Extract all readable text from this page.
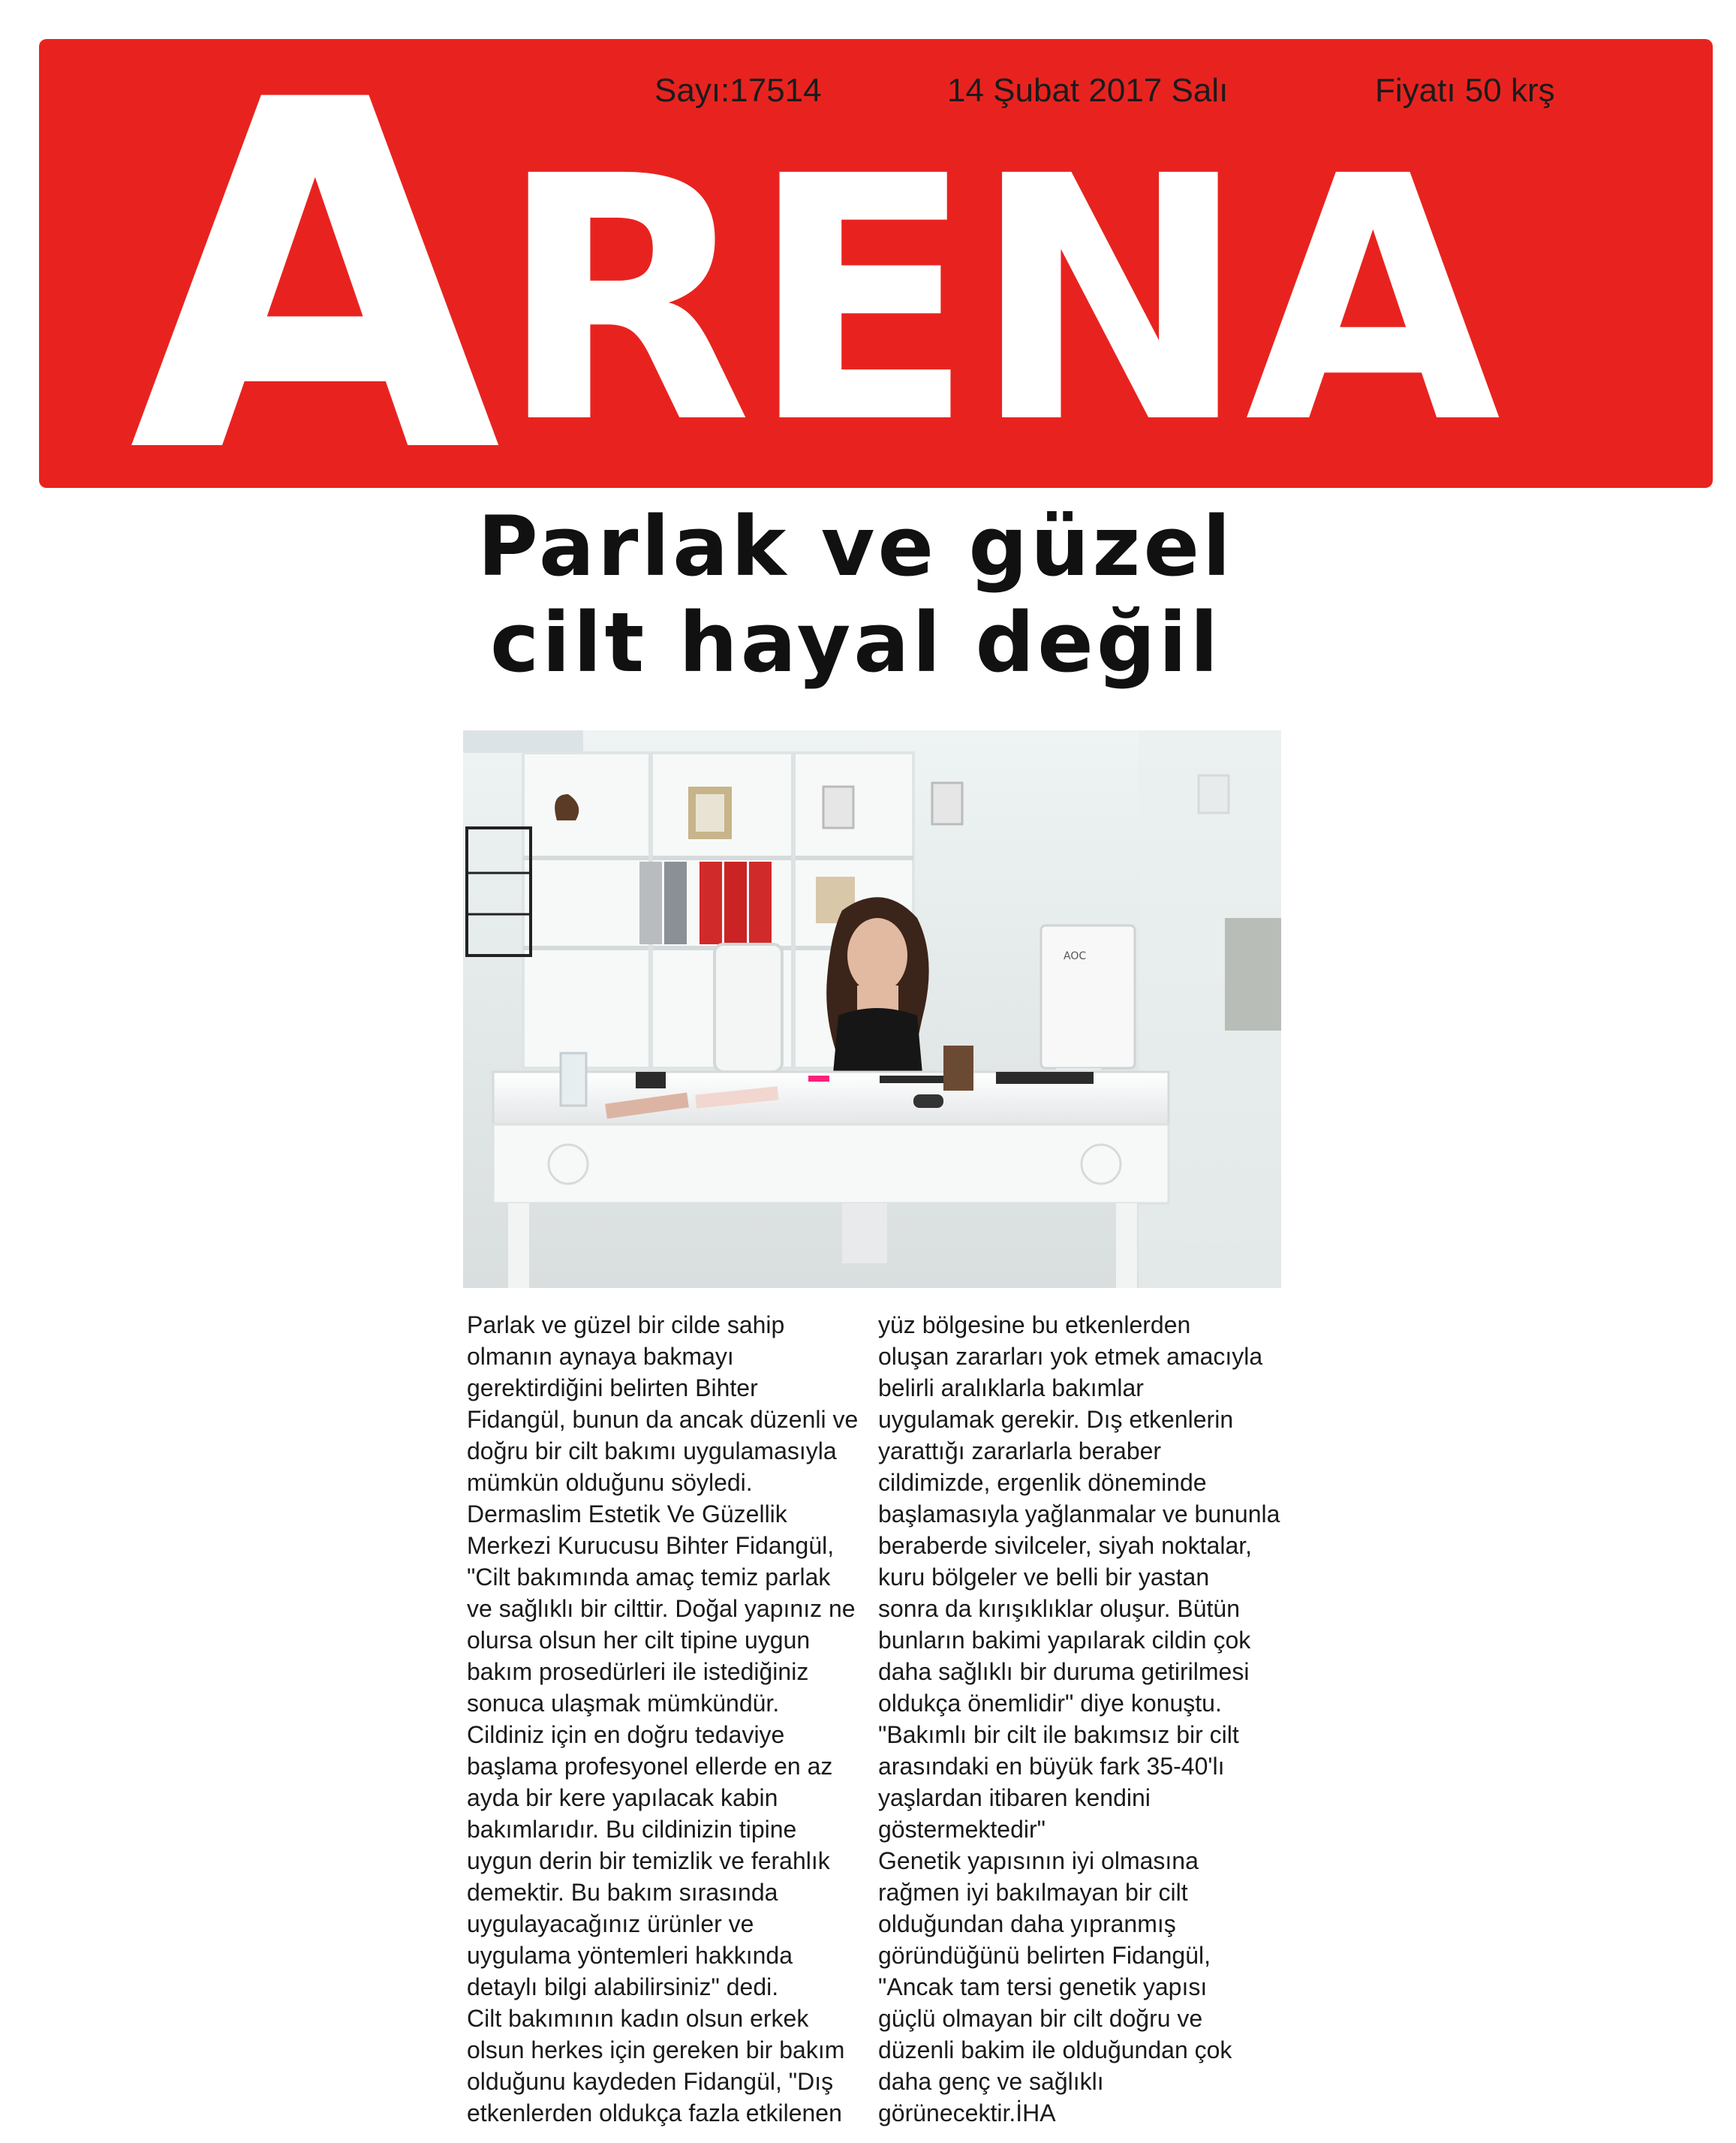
ARENA
Sayı:17514	14 Şubat 2017 Salı	Fiyatı 50 krş
Parlak ve güzel
cilt hayal değil
AOC

Parlak ve güzel bir cilde sahip

olmanın aynaya bakmayı

gerektirdiğini belirten Bihter

Fidangül, bunun da ancak düzenli ve

doğru bir cilt bakımı uygulamasıyla

mümkün olduğunu söyledi.

Dermaslim Estetik Ve Güzellik

Merkezi Kurucusu Bihter Fidangül,

"Cilt bakımında amaç temiz parlak

ve sağlıklı bir cilttir. Doğal yapınız ne

olursa olsun her cilt tipine uygun

bakım prosedürleri ile istediğiniz

sonuca ulaşmak mümkündür.

Cildiniz için en doğru tedaviye

başlama profesyonel ellerde en az

ayda bir kere yapılacak kabin

bakımlarıdır. Bu cildinizin tipine

uygun derin bir temizlik ve ferahlık

demektir. Bu bakım sırasında

uygulayacağınız ürünler ve

uygulama yöntemleri hakkında

detaylı bilgi alabilirsiniz" dedi.

Cilt bakımının kadın olsun erkek

olsun herkes için gereken bir bakım

olduğunu kaydeden Fidangül, "Dış

etkenlerden oldukça fazla etkilenen

yüz bölgesine bu etkenlerden

oluşan zararları yok etmek amacıyla

belirli aralıklarla bakımlar

uygulamak gerekir. Dış etkenlerin

yarattığı zararlarla beraber

cildimizde, ergenlik döneminde

başlamasıyla yağlanmalar ve bununla

beraberde sivilceler, siyah noktalar,

kuru bölgeler ve belli bir yastan

sonra da kırışıklıklar oluşur. Bütün

bunların bakimi yapılarak cildin çok

daha sağlıklı bir duruma getirilmesi

oldukça önemlidir" diye konuştu.

"Bakımlı bir cilt ile bakımsız bir cilt

arasındaki en büyük fark 35-40'lı

yaşlardan itibaren kendini

göstermektedir"

Genetik yapısının iyi olmasına

rağmen iyi bakılmayan bir cilt

olduğundan daha yıpranmış

göründüğünü belirten Fidangül,

"Ancak tam tersi genetik yapısı

güçlü olmayan bir cilt doğru ve

düzenli bakim ile olduğundan çok

daha genç ve sağlıklı

görünecektir.İHA
